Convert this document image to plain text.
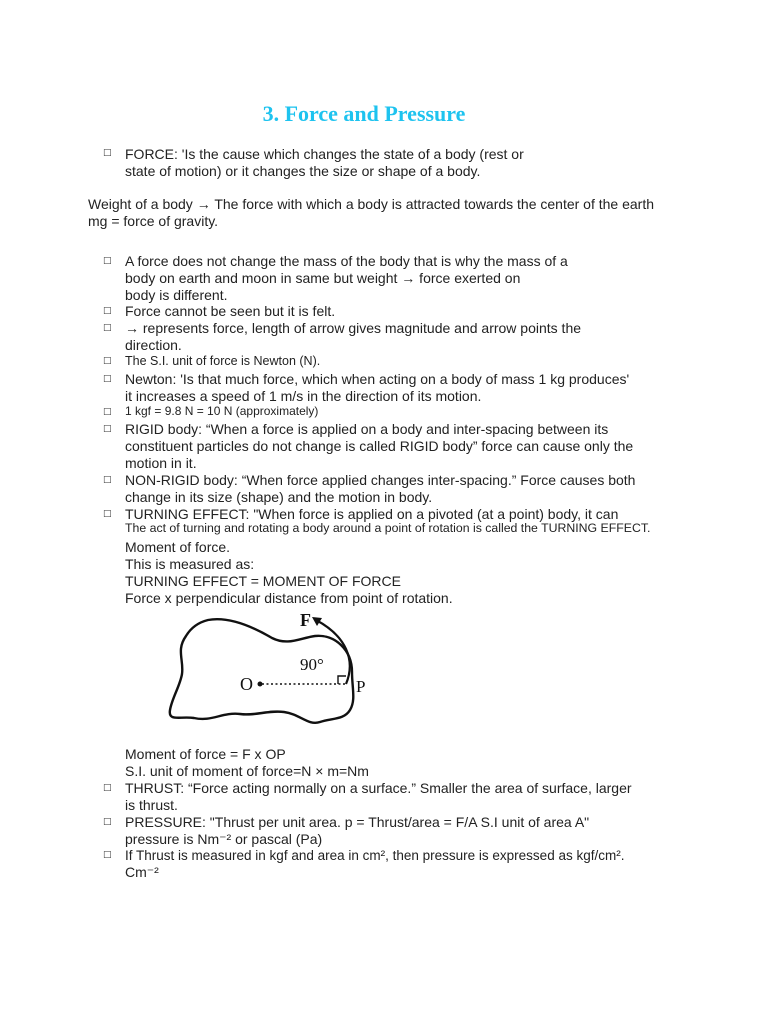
3. Force and Pressure
□ FORCE: 'Is the cause which changes the state of a body (rest or
state of motion) or it changes the size or shape of a body.
Weight of a body → The force with which a body is attracted towards the center of the earth
mg = force of gravity.
□ A force does not change the mass of the body that is why the mass of a
body on earth and moon in same but weight → force exerted on
body is different.
□ Force cannot be seen but it is felt.
□ → represents force, length of arrow gives magnitude and arrow points the
direction.
□ The S.I. unit of force is Newton (N).
□ Newton: 'Is that much force, which when acting on a body of mass 1 kg produces'
it increases a speed of 1 m/s in the direction of its motion.
□ 1 kgf = 9.8 N = 10 N (approximately)
□ RIGID body: “When a force is applied on a body and inter-spacing between its
constituent particles do not change is called RIGID body” force can cause only the
motion in it.
□ NON-RIGID body: “When force applied changes inter-spacing.” Force causes both
change in its size (shape) and the motion in body.
□ TURNING EFFECT: "When force is applied on a pivoted (at a point) body, it can
The act of turning and rotating a body around a point of rotation is called the TURNING EFFECT.
Moment of force.
This is measured as:
TURNING EFFECT = MOMENT OF FORCE
Force x perpendicular distance from point of rotation.
F
90°
O	P
Moment of force = F x OP
S.I. unit of moment of force=N × m=Nm
□ THRUST: “Force acting normally on a surface.” Smaller the area of surface, larger
is thrust.
□ PRESSURE: "Thrust per unit area. p = Thrust/area = F/A S.I unit of area A"
pressure is Nm⁻² or pascal (Pa)
□ If Thrust is measured in kgf and area in cm², then pressure is expressed as kgf/cm².
Cm⁻²
